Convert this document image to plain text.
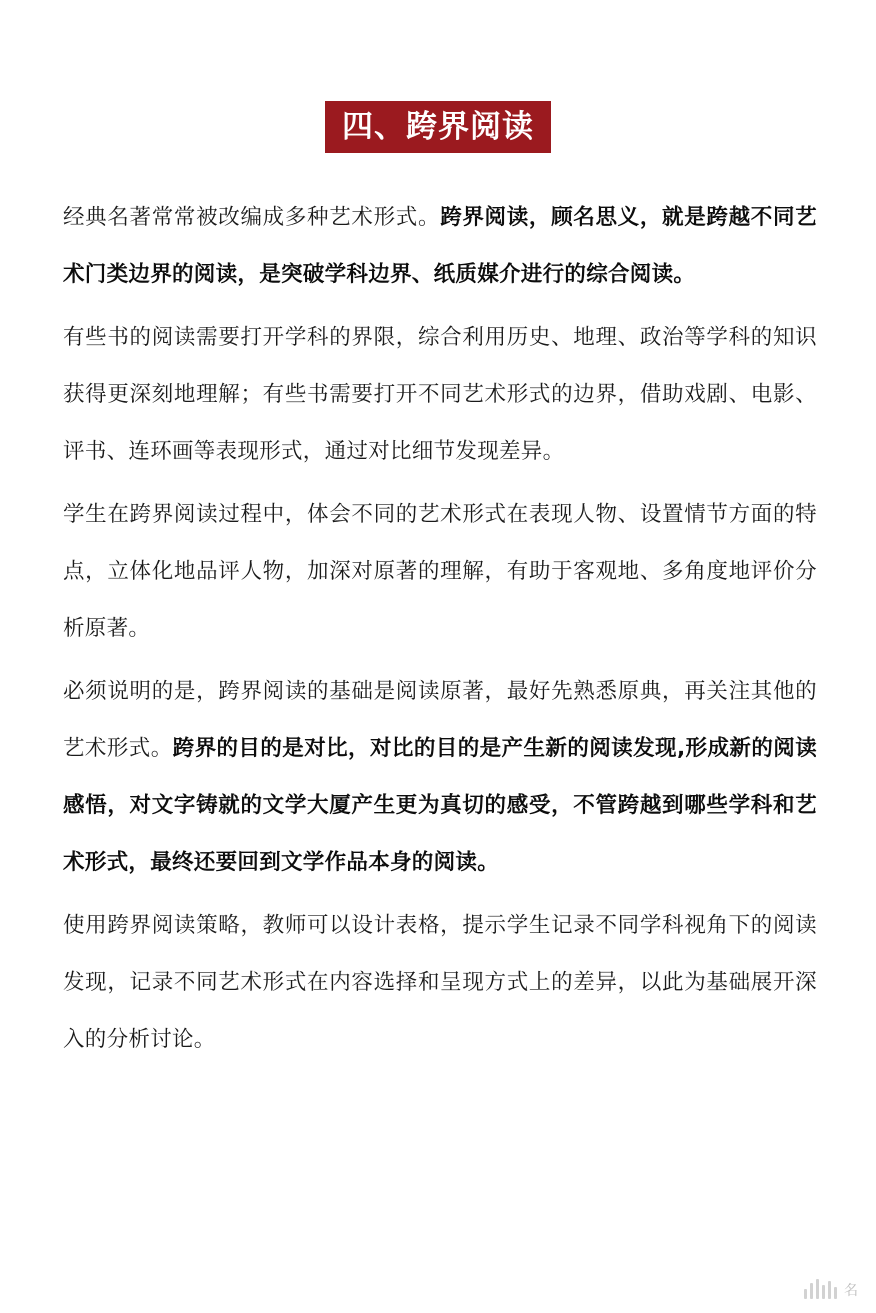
四、跨界阅读

经典名著常常被改编成多种艺术形式。跨界阅读，顾名思义，就是跨越不同艺术门类边界的阅读，是突破学科边界、纸质媒介进行的综合阅读。

有些书的阅读需要打开学科的界限，综合利用历史、地理、政治等学科的知识获得更深刻地理解；有些书需要打开不同艺术形式的边界，借助戏剧、电影、评书、连环画等表现形式，通过对比细节发现差异。

学生在跨界阅读过程中，体会不同的艺术形式在表现人物、设置情节方面的特点，立体化地品评人物，加深对原著的理解，有助于客观地、多角度地评价分析原著。

必须说明的是，跨界阅读的基础是阅读原著，最好先熟悉原典，再关注其他的艺术形式。跨界的目的是对比，对比的目的是产生新的阅读发现,形成新的阅读感悟，对文字铸就的文学大厦产生更为真切的感受，不管跨越到哪些学科和艺术形式，最终还要回到文学作品本身的阅读。

使用跨界阅读策略，教师可以设计表格，提示学生记录不同学科视角下的阅读发现，记录不同艺术形式在内容选择和呈现方式上的差异，以此为基础展开深入的分析讨论。

名
